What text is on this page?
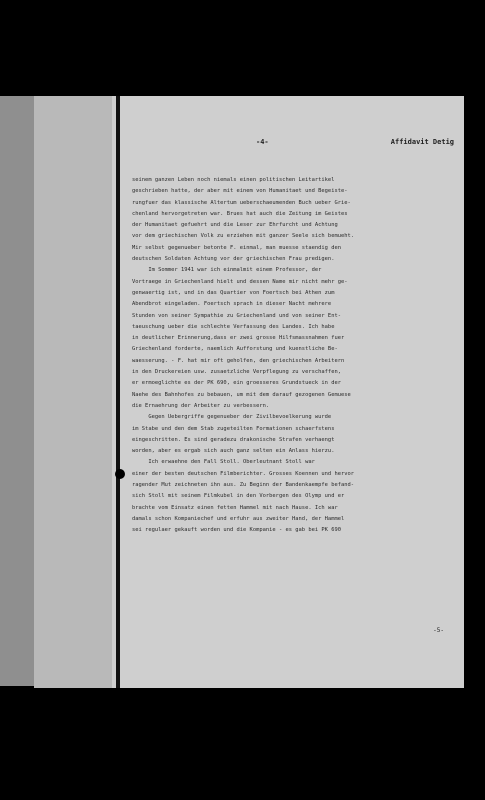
-4-	Affidavit Detig
seinem ganzen Leben noch niemals einen politischen Leitartikel
geschrieben hatte, der aber mit einem von Humanitaet und Begeiste-
rungfuer das klassische Altertum ueberschaeumenden Buch ueber Grie-
chenland hervorgetreten war. Brues hat auch die Zeitung im Geistes
der Humanitaet gefuehrt und die Leser zur Ehrfurcht und Achtung
vor dem griechischen Volk zu erziehen mit ganzer Seele sich bemueht.
Mir selbst gegenueber betonte F. einmal, man muesse staendig den
deutschen Soldaten Achtung vor der griechischen Frau predigen.
Im Sommer 1941 war ich einmalmit einem Professor, der
Vortraege in Griechenland hielt und dessen Name mir nicht mehr ge-
genwaertig ist, und in das Quartier von Foertsch bei Athen zum
Abendbrot eingeladen. Foertsch sprach in dieser Nacht mehrere
Stunden von seiner Sympathie zu Griechenland und von seiner Ent-
taeuschung ueber die schlechte Verfassung des Landes. Ich habe
in deutlicher Erinnerung,dass er zwei grosse Hilfsmassnahmen fuer
Griechenland forderte, naemlich Aufforstung und kuenstliche Be-
waesserung. - F. hat mir oft geholfen, den griechischen Arbeitern
in den Druckereien usw. zusaetzliche Verpflegung zu verschaffen,
er ermoeglichte es der PK 690, ein groesseres Grundstueck in der
Naehe des Bahnhofes zu bebauen, um mit dem darauf gezogenen Gemuese
die Ernaehrung der Arbeiter zu verbessern.
Gegen Uebergriffe gegenueber der Zivilbevoelkerung wurde
im Stabe und den dem Stab zugeteilten Formationen schaerfstens
eingeschritten. Es sind geradezu drakonische Strafen verhaengt
worden, aber es ergab sich auch ganz selten ein Anlass hierzu.
Ich erwaehne den Fall Stoll. Oberleutnant Stoll war
einer der besten deutschen Filmberichter. Grosses Koennen und hervor
ragender Mut zeichneten ihn aus. Zu Beginn der Bandenkaempfe befand-
sich Stoll mit seinem Filmkubel in den Vorbergen des Olymp und er
brachte vom Einsatz einen fetten Hammel mit nach Hause. Ich war
damals schon Kompaniechef und erfuhr aus zweiter Hand, der Hammel
sei regulaer gekauft worden und die Kompanie - es gab bei PK 690
-5-
